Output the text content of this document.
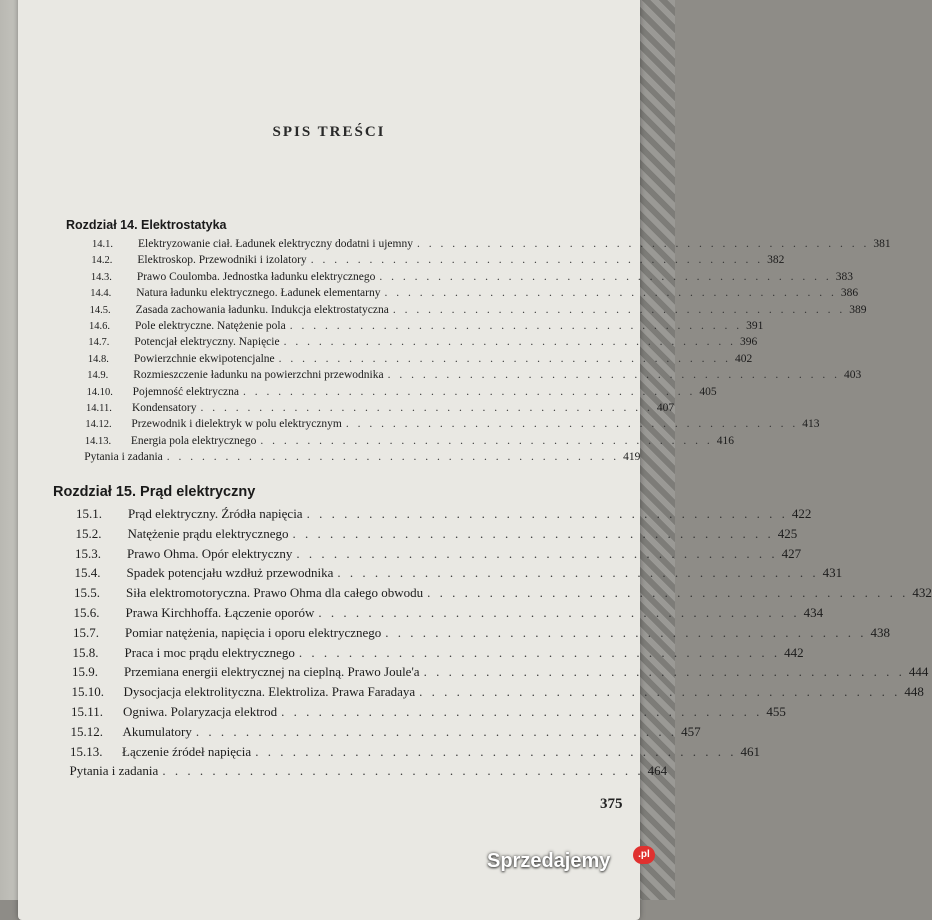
SPIS TREŚCI
Rozdział 14. Elektrostatyka
14.1.	Elektryzowanie ciał. Ładunek elektryczny dodatni i ujemny . . . . . . . . . . . . . . . . . . . . . . . . . . . . . . . . . . . . . . . 381
14.2.	Elektroskop. Przewodniki i izolatory . . . . . . . . . . . . . . . . . . . . . . . . . . . . . . . . . . . . . . . 382
14.3.	Prawo Coulomba. Jednostka ładunku elektrycznego . . . . . . . . . . . . . . . . . . . . . . . . . . . . . . . . . . . . . . . 383
14.4.	Natura ładunku elektrycznego. Ładunek elementarny . . . . . . . . . . . . . . . . . . . . . . . . . . . . . . . . . . . . . . . 386
14.5.	Zasada zachowania ładunku. Indukcja elektrostatyczna . . . . . . . . . . . . . . . . . . . . . . . . . . . . . . . . . . . . . . . 389
14.6.	Pole elektryczne. Natężenie pola . . . . . . . . . . . . . . . . . . . . . . . . . . . . . . . . . . . . . . . 391
14.7.	Potencjał elektryczny. Napięcie . . . . . . . . . . . . . . . . . . . . . . . . . . . . . . . . . . . . . . . 396
14.8.	Powierzchnie ekwipotencjalne . . . . . . . . . . . . . . . . . . . . . . . . . . . . . . . . . . . . . . . 402
14.9.	Rozmieszczenie ładunku na powierzchni przewodnika . . . . . . . . . . . . . . . . . . . . . . . . . . . . . . . . . . . . . . . 403
14.10.	Pojemność elektryczna . . . . . . . . . . . . . . . . . . . . . . . . . . . . . . . . . . . . . . . 405
14.11.	Kondensatory . . . . . . . . . . . . . . . . . . . . . . . . . . . . . . . . . . . . . . . 407
14.12.	Przewodnik i dielektryk w polu elektrycznym . . . . . . . . . . . . . . . . . . . . . . . . . . . . . . . . . . . . . . . 413
14.13.	Energia pola elektrycznego . . . . . . . . . . . . . . . . . . . . . . . . . . . . . . . . . . . . . . . 416
Pytania i zadania . . . . . . . . . . . . . . . . . . . . . . . . . . . . . . . . . . . . . . . 419
Rozdział 15. Prąd elektryczny
15.1.	Prąd elektryczny. Źródła napięcia . . . . . . . . . . . . . . . . . . . . . . . . . . . . . . . . . . . . . . . 422
15.2.	Natężenie prądu elektrycznego . . . . . . . . . . . . . . . . . . . . . . . . . . . . . . . . . . . . . . . 425
15.3.	Prawo Ohma. Opór elektryczny . . . . . . . . . . . . . . . . . . . . . . . . . . . . . . . . . . . . . . . 427
15.4.	Spadek potencjału wzdłuż przewodnika . . . . . . . . . . . . . . . . . . . . . . . . . . . . . . . . . . . . . . . 431
15.5.	Siła elektromotoryczna. Prawo Ohma dla całego obwodu . . . . . . . . . . . . . . . . . . . . . . . . . . . . . . . . . . . . . . . 432
15.6.	Prawa Kirchhoffa. Łączenie oporów . . . . . . . . . . . . . . . . . . . . . . . . . . . . . . . . . . . . . . . 434
15.7.	Pomiar natężenia, napięcia i oporu elektrycznego . . . . . . . . . . . . . . . . . . . . . . . . . . . . . . . . . . . . . . . 438
15.8.	Praca i moc prądu elektrycznego . . . . . . . . . . . . . . . . . . . . . . . . . . . . . . . . . . . . . . . 442
15.9.	Przemiana energii elektrycznej na cieplną. Prawo Joule'a . . . . . . . . . . . . . . . . . . . . . . . . . . . . . . . . . . . . . . . 444
15.10.	Dysocjacja elektrolityczna. Elektroliza. Prawa Faradaya . . . . . . . . . . . . . . . . . . . . . . . . . . . . . . . . . . . . . . . 448
15.11.	Ogniwa. Polaryzacja elektrod . . . . . . . . . . . . . . . . . . . . . . . . . . . . . . . . . . . . . . . 455
15.12.	Akumulatory . . . . . . . . . . . . . . . . . . . . . . . . . . . . . . . . . . . . . . . 457
15.13.	Łączenie źródeł napięcia . . . . . . . . . . . . . . . . . . . . . . . . . . . . . . . . . . . . . . . 461
Pytania i zadania . . . . . . . . . . . . . . . . . . . . . . . . . . . . . . . . . . . . . . . 464
375
Sprzedajemy	.pl
